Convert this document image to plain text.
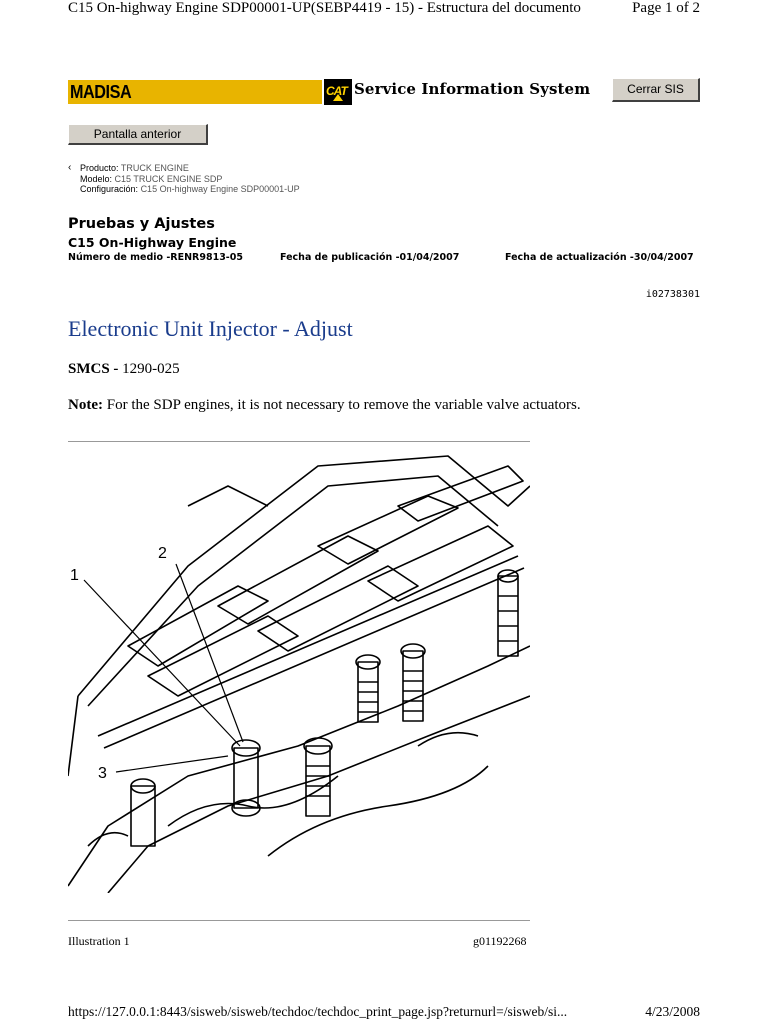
C15 On-highway Engine SDP00001-UP(SEBP4419 - 15) - Estructura del documento	Page 1 of 2
MADISA	CAT Service Information System	Cerrar SIS
Pantalla anterior
‹ Producto: TRUCK ENGINE
Modelo: C15 TRUCK ENGINE SDP
Configuración: C15 On-highway Engine SDP00001-UP
Pruebas y Ajustes
C15 On-Highway Engine
Número de medio -RENR9813-05	Fecha de publicación -01/04/2007	Fecha de actualización -30/04/2007
i02738301
Electronic Unit Injector - Adjust
SMCS - 1290-025
Note: For the SDP engines, it is not necessary to remove the variable valve actuators.
1
2
3
Illustration 1	g01192268
https://127.0.0.1:8443/sisweb/sisweb/techdoc/techdoc_print_page.jsp?returnurl=/sisweb/si...	4/23/2008
